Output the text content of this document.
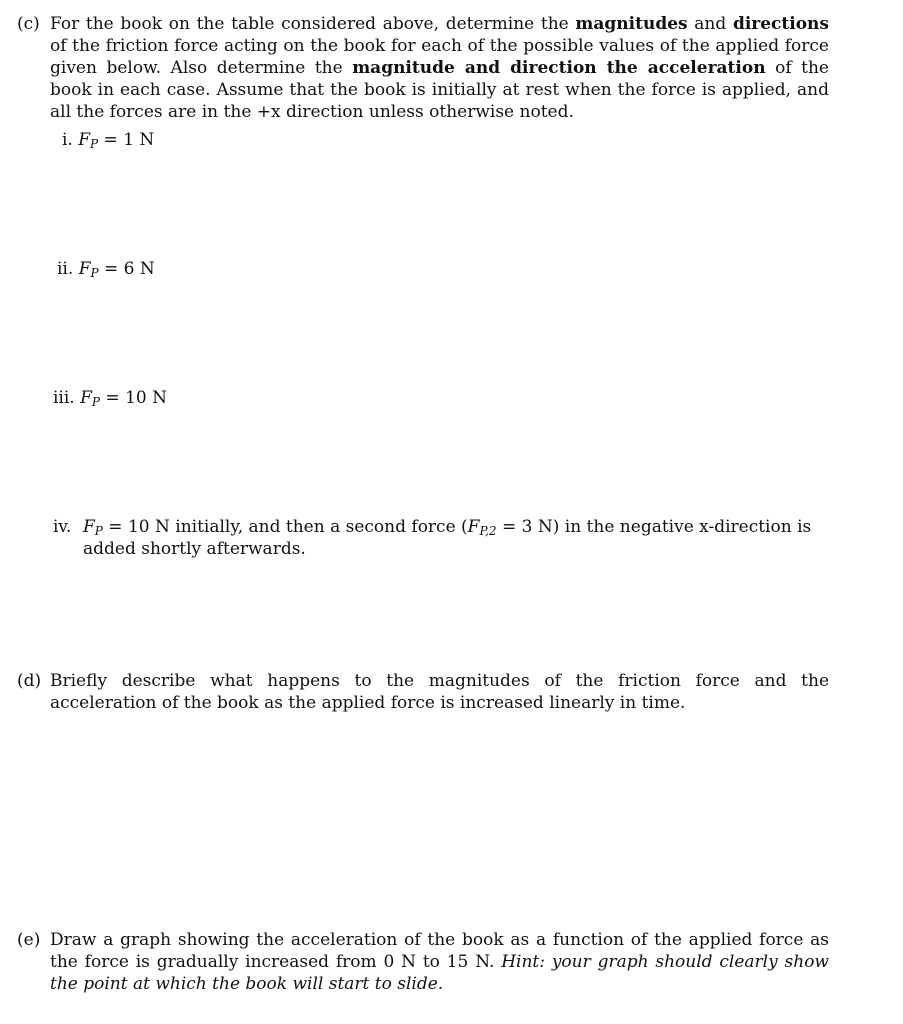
(c) For the book on the table considered above, determine the magnitudes and directions of the friction force acting on the book for each of the possible values of the applied force given below. Also determine the magnitude and direction the acceleration of the book in each case. Assume that the book is initially at rest when the force is applied, and all the forces are in the +x direction unless otherwise noted.
i. $F_P = 1$ N
ii. $F_P = 6$ N
iii. $F_P = 10$ N
iv. $F_P = 10$ N initially, and then a second force ($F_{P,2} = 3$ N) in the negative x-direction is added shortly afterwards.
(d) Briefly describe what happens to the magnitudes of the friction force and the acceleration of the book as the applied force is increased linearly in time.
(e) Draw a graph showing the acceleration of the book as a function of the applied force as the force is gradually increased from 0 N to 15 N. Hint: your graph should clearly show the point at which the book will start to slide.
